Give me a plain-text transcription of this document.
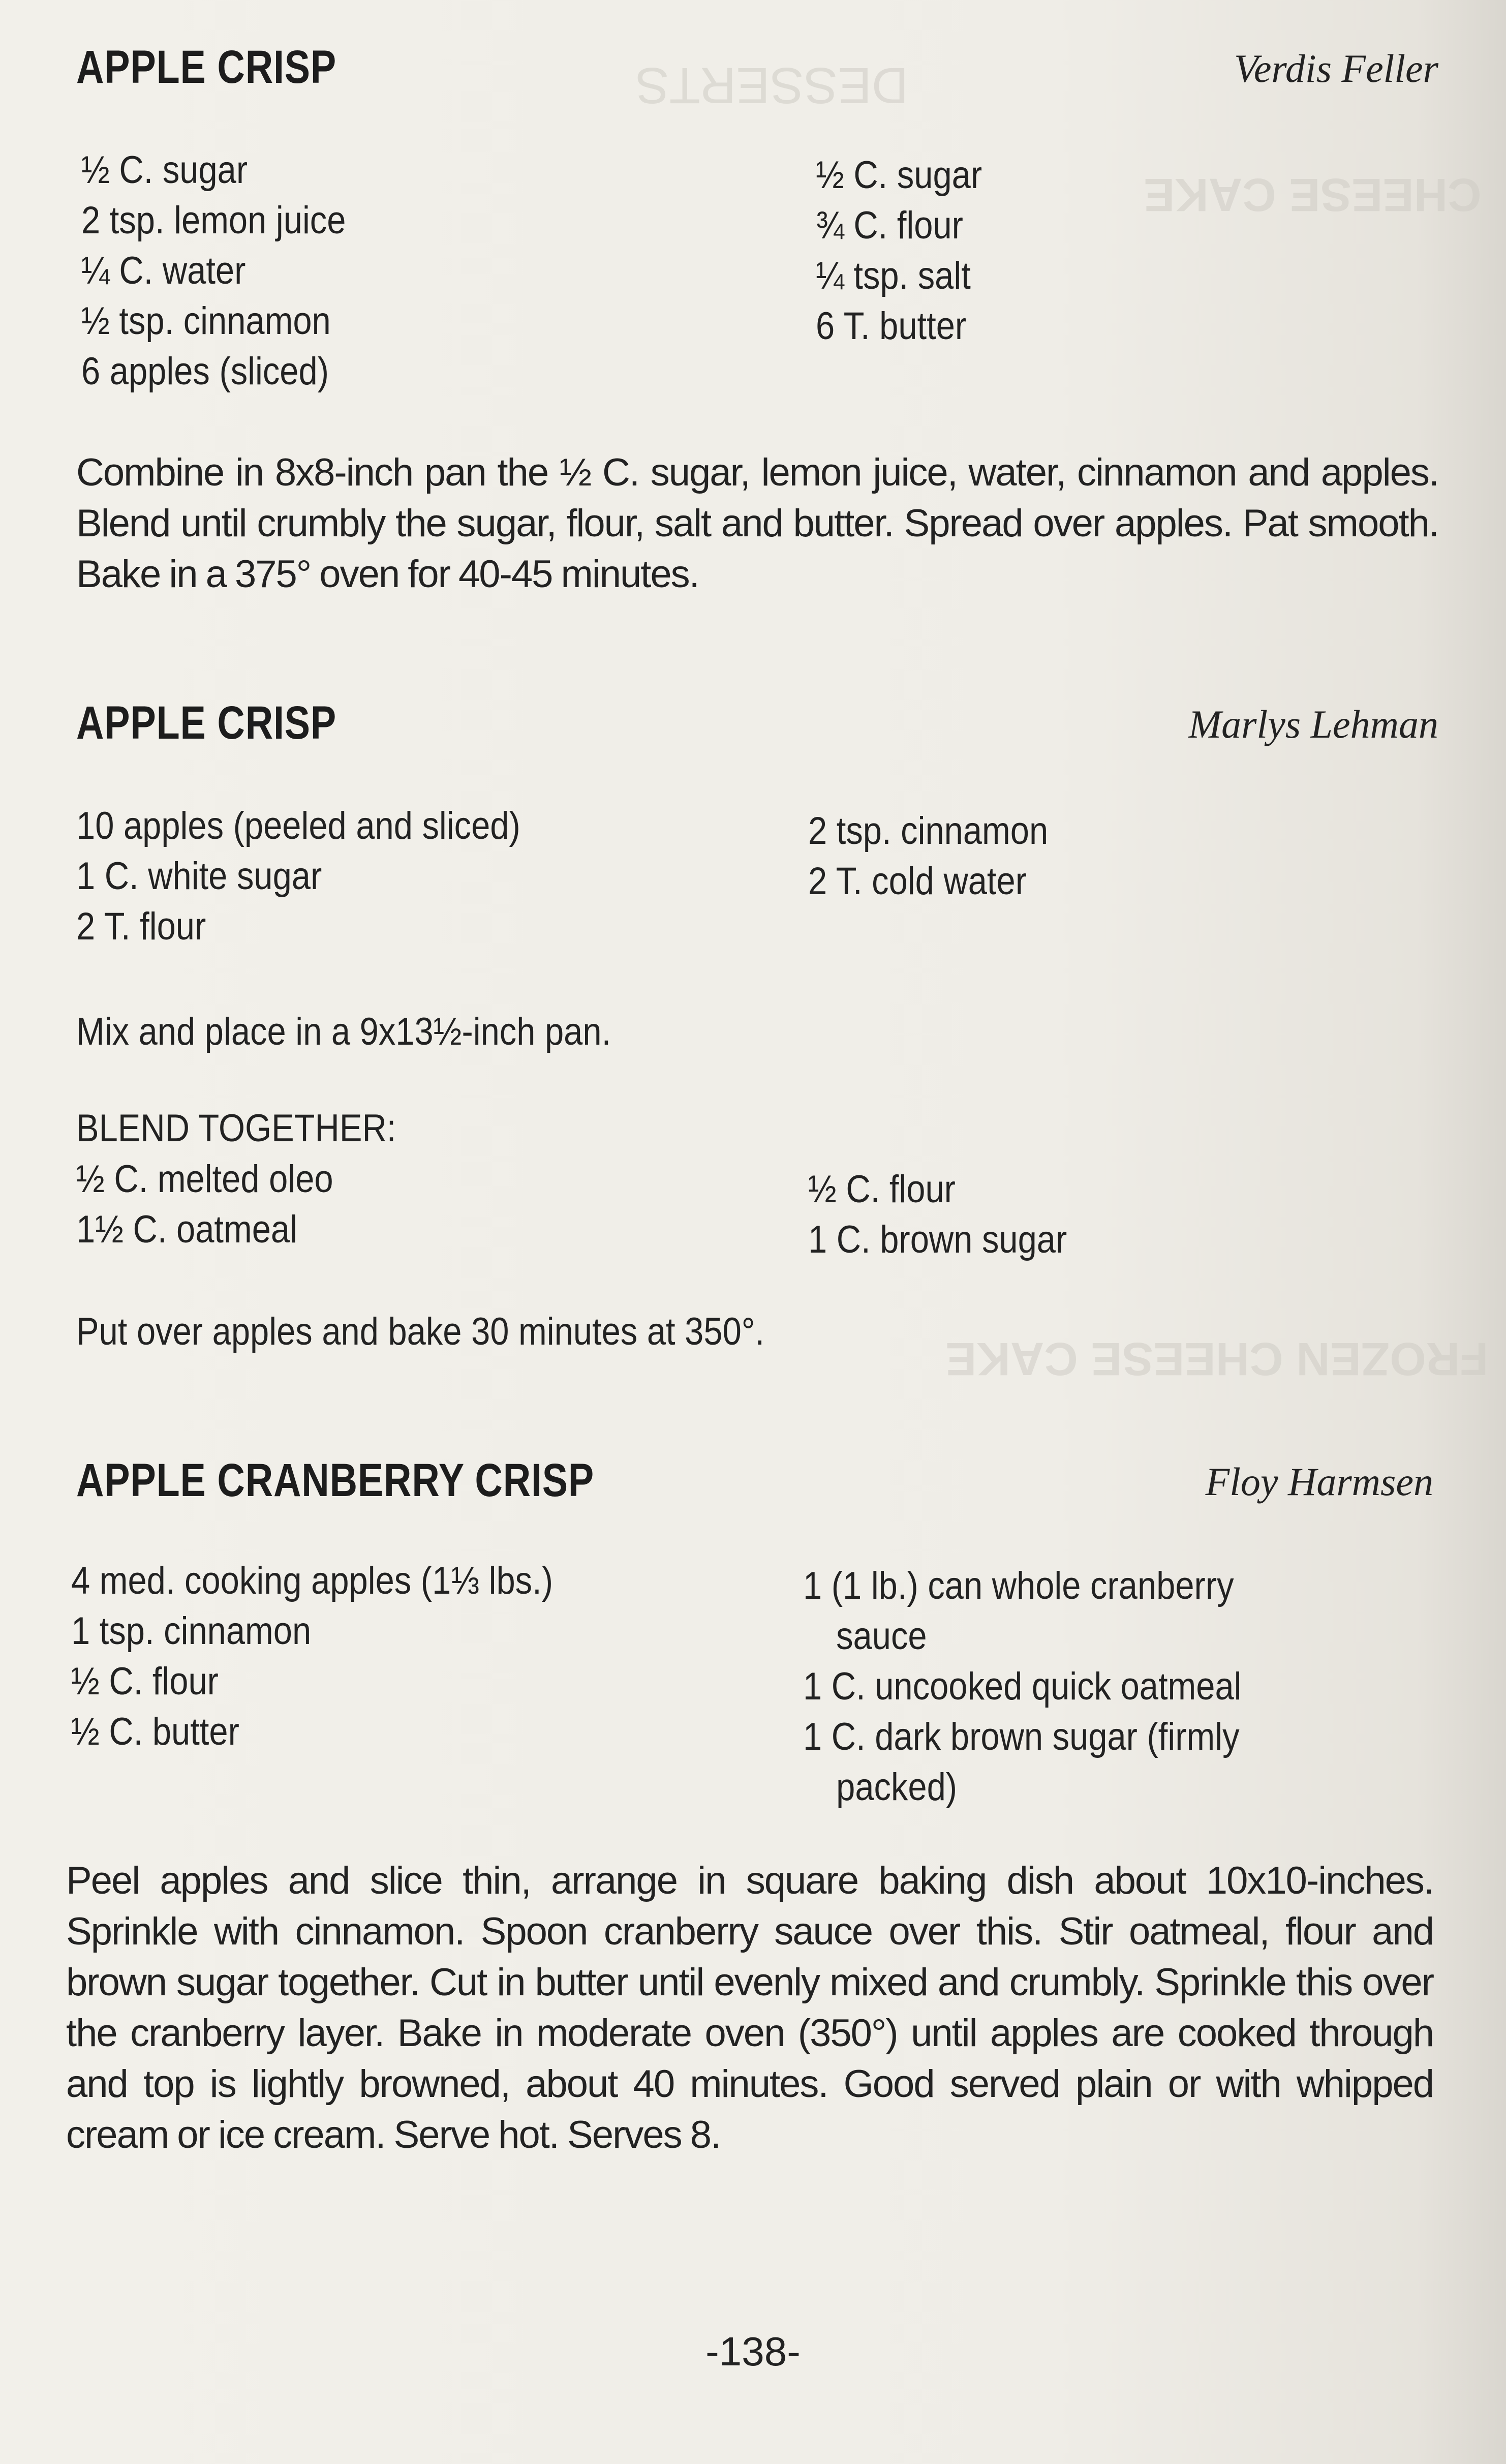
DESSERTS
CHEESE CAKE
FROZEN CHEESE CAKE
APPLE CRISP	Verdis Feller
½ C. sugar
2 tsp. lemon juice
¼ C. water
½ tsp. cinnamon
6 apples (sliced)
½ C. sugar
¾ C. flour
¼ tsp. salt
6 T. butter

Combine in 8x8-inch pan the ½ C. sugar, lemon juice, water, cinnamon and apples. Blend until crumbly the sugar, flour, salt and butter. Spread over apples. Pat smooth. Bake in a 375° oven for 40-45 minutes.

APPLE CRISP	Marlys Lehman
10 apples (peeled and sliced)
1 C. white sugar
2 T. flour
2 tsp. cinnamon
2 T. cold water

Mix and place in a 9x13½-inch pan.

BLEND TOGETHER:

½ C. melted oleo
1½ C. oatmeal
½ C. flour
1 C. brown sugar

Put over apples and bake 30 minutes at 350°.

APPLE CRANBERRY CRISP	Floy Harmsen
4 med. cooking apples (1⅓ lbs.)
1 tsp. cinnamon
½ C. flour
½ C. butter
1 (1 lb.) can whole cranberry
sauce
1 C. uncooked quick oatmeal
1 C. dark brown sugar (firmly
packed)

Peel apples and slice thin, arrange in square baking dish about 10x10-inches. Sprinkle with cinnamon. Spoon cranberry sauce over this. Stir oatmeal, flour and brown sugar together. Cut in butter until evenly mixed and crumbly. Sprinkle this over the cranberry layer. Bake in moderate oven (350°) until apples are cooked through and top is lightly browned, about 40 minutes. Good served plain or with whipped cream or ice cream. Serve hot. Serves 8.

-138-
